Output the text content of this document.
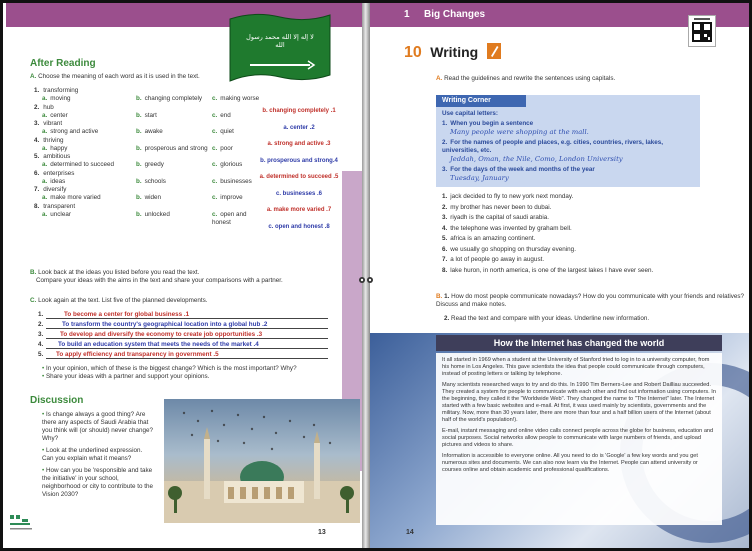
لا إله إلا الله محمد رسول الله
After Reading
A. Choose the meaning of each word as it is used in the text.
1. transforming
a. moving	b. changing completely c. making worse
2. hub
a. center	b. start	c. end
3. vibrant
a. strong and active	b. awake	c. quiet
4. thriving
a. happy	b. prosperous and strong c. poor
5. ambitious
a. determined to succeed	b. greedy	c. glorious
6. enterprises
a. ideas	b. schools	c. businesses
7. diversify
a. make more varied	b. widen	c. improve
8. transparent
a. unclear	b. unlocked	c. open and honest
b. changing completely .1
a. center .2
a. strong and active .3
b. prosperous and strong.4
a. determined to succeed .5
c. businesses .6
a. make more varied .7
c. open and honest .8
B. Look back at the ideas you listed before you read the text.
Compare your ideas with the aims in the text and share your comparisons with a partner.
C. Look again at the text. List five of the planned developments.
1.	To become a center for global business .1
2.	To transform the country's geographical location into a global hub .2
3.	To develop and diversify the economy to create job opportunities .3
4. To build an education system that meets the needs of the market .4
5. To apply efficiency and transparency in government .5
• In your opinion, which of these is the biggest change? Which is the most important? Why?
• Share your ideas with a partner and support your opinions.
Discussion
• Is change always a good thing? Are there any aspects of Saudi Arabia that you think will (or should) never change? Why?
• Look at the underlined expression. Can you explain what it means?
• How can you be 'responsible and take the initiative' in your school, neighborhood or city to contribute to the Vision 2030?
13
1 Big Changes
10 Writing
A. Read the guidelines and rewrite the sentences using capitals.
Writing Corner
Use capital letters:
1. When you begin a sentence
Many people were shopping at the mall.
2. For the names of people and places, e.g. cities, countries, rivers, lakes, universities, etc.
Jeddah, Oman, the Nile, Como, London University
3. For the days of the week and months of the year
Tuesday, January
1. jack decided to fly to new york next monday.
2. my brother has never been to dubai.
3. riyadh is the capital of saudi arabia.
4. the telephone was invented by graham bell.
5. africa is an amazing continent.
6. we usually go shopping on thursday evening.
7. a lot of people go away in august.
8. lake huron, in north america, is one of the largest lakes I have ever seen.
B. 1. How do most people communicate nowadays? How do you communicate with your friends and relatives? Discuss and make notes.
2. Read the text and compare with your ideas. Underline new information.
How the Internet has changed the world
It all started in 1969 when a student at the University of Stanford tried to log in to a university computer, from his home in Los Angeles. This gave scientists the idea that people could communicate through computers, instead of posting letters or talking by telephone.
Many scientists researched ways to try and do this. In 1990 Tim Berners-Lee and Robert Dailliau succeeded. They created a system for people to communicate with each other and find out information using computers. In the beginning, they called it the "Worldwide Web". They changed the name to "The Internet" later. The Internet started with a few basic websites and e-mail. At first, it was used mainly by scientists, governments and the military. Now, more than 30 years later, there are more than four and a half billion users of the Internet (about half of the world's population!).
E-mail, instant messaging and online video calls connect people across the globe for business, education and social purposes. Social networks allow people to communicate with large numbers of friends, and upload pictures and videos to share.
Information is accessible to everyone online. All you need to do is 'Google' a few key words and you get numerous sites and documents. We can also now learn via the Internet. People can attend university or courses online and obtain academic and professional qualifications.
14
